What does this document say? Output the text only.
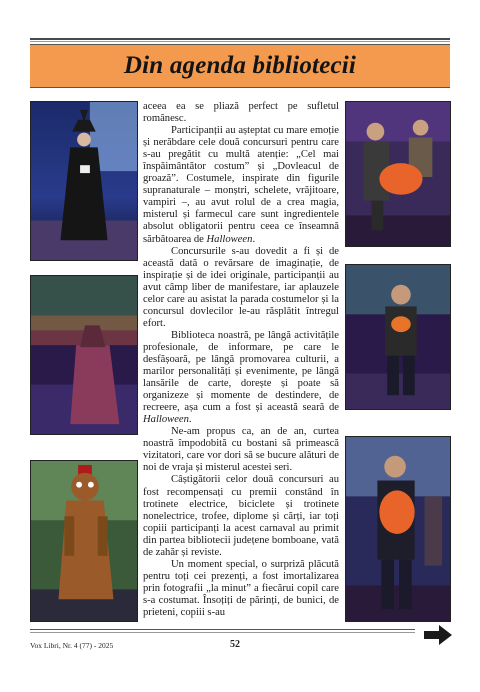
Din agenda bibliotecii

aceea ea se pliază perfect pe sufletul românesc.

Participanții au așteptat cu mare emoție și nerăbdare cele două concursuri pentru care s-au pregătit cu multă atenție: „Cel mai înspăimântător costum” și „Dovleacul de groază”. Costumele, inspirate din figurile supranaturale – monștri, schelete, vrăjitoare, vampiri –, au avut rolul de a crea magia, misterul și farmecul care sunt ingredientele absolut obligatorii pentru ceea ce înseamnă sărbătoarea de Halloween.

Concursurile s-au dovedit a fi și de această dată o revărsare de imaginație, de inspirație și de idei originale, participanții au avut câmp liber de manifestare, iar aplauzele celor care au asistat la parada costumelor și la concursul dovlecilor le-au răsplătit întregul efort.

Biblioteca noastră, pe lângă activitățile profesionale, de informare, pe care le desfășoară, pe lângă promovarea culturii, a marilor personalități și evenimente, pe lângă lansările de carte, dorește și poate să organizeze și momente de destindere, de recreere, așa cum a fost și această seară de Halloween.

Ne-am propus ca, an de an, curtea noastră împodobită cu bostani să primească vizitatori, care vor dori să se bucure alături de noi de vraja și misterul acestei seri.

Câștigătorii celor două concursuri au fost recompensați cu premii constând în trotinete electrice, biciclete și trotinete nonelectrice, trofee, diplome și cărți, iar toți copiii participanți la acest carnaval au primit din partea bibliotecii județene bomboane, vată de zahăr și reviste.

Un moment special, o surpriză plăcută pentru toți cei prezenți, a fost imortalizarea prin fotografii „la minut” a fiecărui copil care s-a costumat. Însoțiți de părinți, de bunici, de prieteni, copiii s-au

Vox Libri, Nr. 4 (77) - 2025	52
